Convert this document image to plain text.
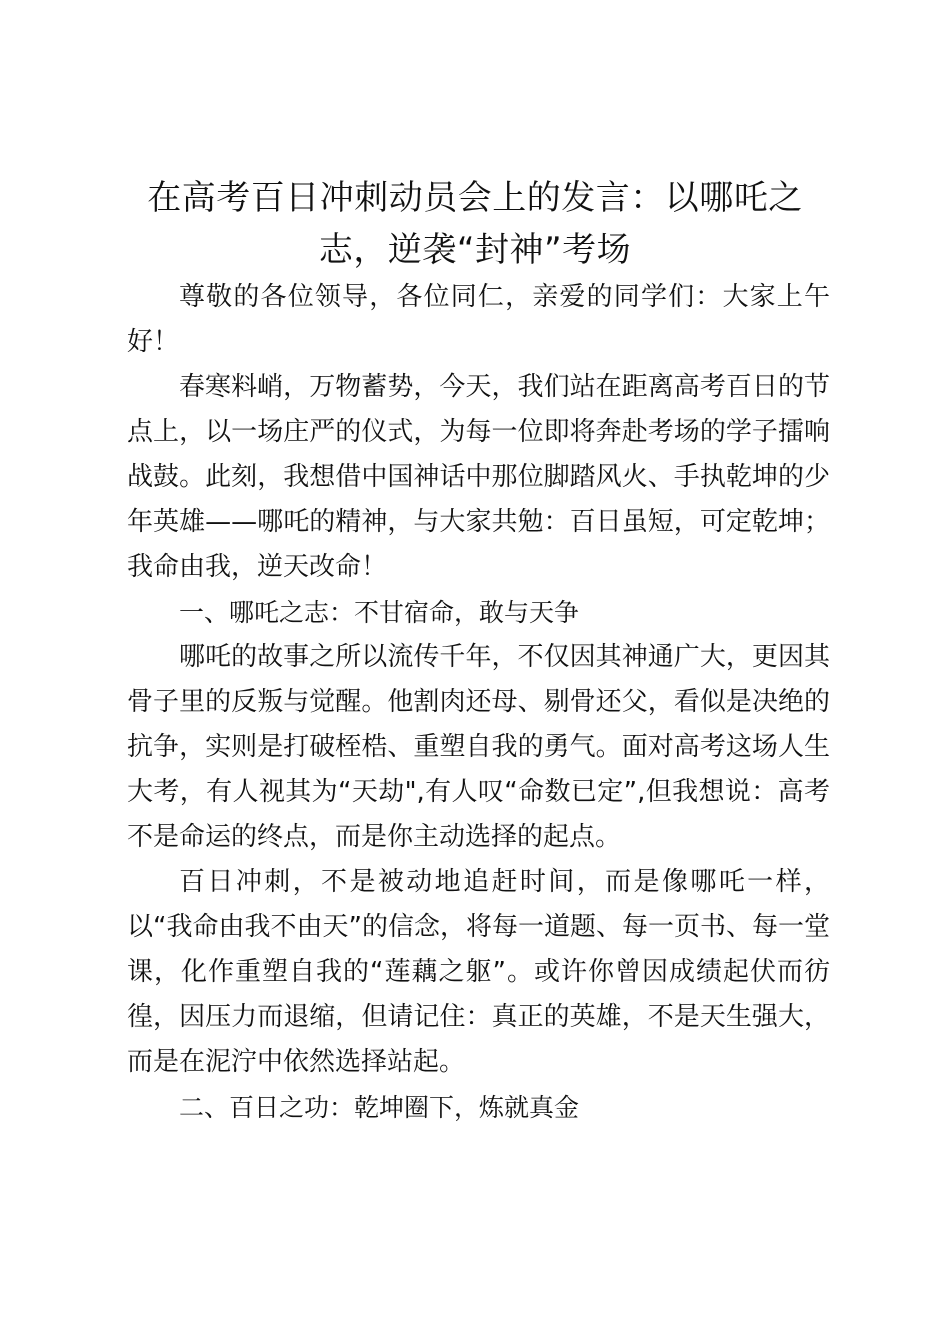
在高考百日冲刺动员会上的发言：以哪吒之志，逆袭“封神”考场

尊敬的各位领导，各位同仁，亲爱的同学们：大家上午好！

春寒料峭，万物蓄势，今天，我们站在距离高考百日的节点上，以一场庄严的仪式，为每一位即将奔赴考场的学子擂响战鼓。此刻，我想借中国神话中那位脚踏风火、手执乾坤的少年英雄——哪吒的精神，与大家共勉：百日虽短，可定乾坤；我命由我，逆天改命！

一、哪吒之志：不甘宿命，敢与天争

哪吒的故事之所以流传千年，不仅因其神通广大，更因其骨子里的反叛与觉醒。他割肉还母、剔骨还父，看似是决绝的抗争，实则是打破桎梏、重塑自我的勇气。面对高考这场人生大考，有人视其为“天劫",有人叹“命数已定”,但我想说：高考不是命运的终点，而是你主动选择的起点。

百日冲刺，不是被动地追赶时间，而是像哪吒一样，以“我命由我不由天”的信念，将每一道题、每一页书、每一堂课，化作重塑自我的“莲藕之躯”。或许你曾因成绩起伏而彷徨，因压力而退缩，但请记住：真正的英雄，不是天生强大，而是在泥泞中依然选择站起。

二、百日之功：乾坤圈下，炼就真金
